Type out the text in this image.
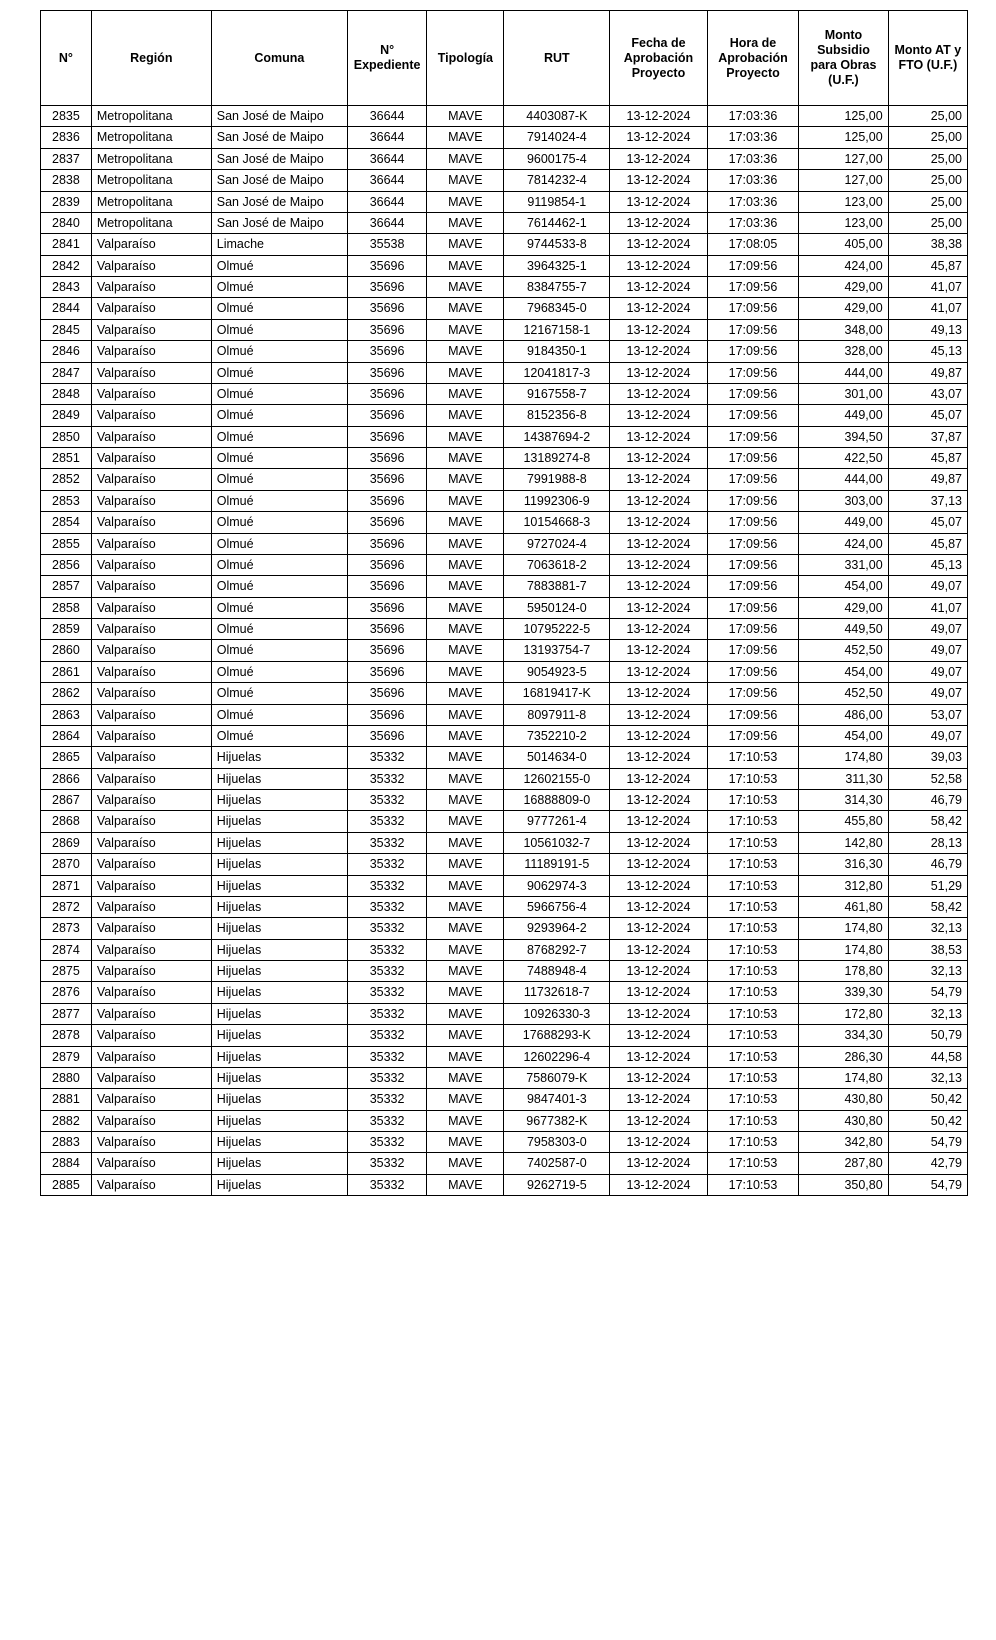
N°	Región	Comuna	N° Expediente	Tipología	RUT	Fecha de Aprobación Proyecto	Hora de Aprobación Proyecto	Monto Subsidio para Obras (U.F.)	Monto AT y FTO (U.F.)
2835	Metropolitana	San José de Maipo	36644	MAVE	4403087-K	13-12-2024	17:03:36	125,00	25,00
2836	Metropolitana	San José de Maipo	36644	MAVE	7914024-4	13-12-2024	17:03:36	125,00	25,00
2837	Metropolitana	San José de Maipo	36644	MAVE	9600175-4	13-12-2024	17:03:36	127,00	25,00
2838	Metropolitana	San José de Maipo	36644	MAVE	7814232-4	13-12-2024	17:03:36	127,00	25,00
2839	Metropolitana	San José de Maipo	36644	MAVE	9119854-1	13-12-2024	17:03:36	123,00	25,00
2840	Metropolitana	San José de Maipo	36644	MAVE	7614462-1	13-12-2024	17:03:36	123,00	25,00
2841	Valparaíso	Limache	35538	MAVE	9744533-8	13-12-2024	17:08:05	405,00	38,38
2842	Valparaíso	Olmué	35696	MAVE	3964325-1	13-12-2024	17:09:56	424,00	45,87
2843	Valparaíso	Olmué	35696	MAVE	8384755-7	13-12-2024	17:09:56	429,00	41,07
2844	Valparaíso	Olmué	35696	MAVE	7968345-0	13-12-2024	17:09:56	429,00	41,07
2845	Valparaíso	Olmué	35696	MAVE	12167158-1	13-12-2024	17:09:56	348,00	49,13
2846	Valparaíso	Olmué	35696	MAVE	9184350-1	13-12-2024	17:09:56	328,00	45,13
2847	Valparaíso	Olmué	35696	MAVE	12041817-3	13-12-2024	17:09:56	444,00	49,87
2848	Valparaíso	Olmué	35696	MAVE	9167558-7	13-12-2024	17:09:56	301,00	43,07
2849	Valparaíso	Olmué	35696	MAVE	8152356-8	13-12-2024	17:09:56	449,00	45,07
2850	Valparaíso	Olmué	35696	MAVE	14387694-2	13-12-2024	17:09:56	394,50	37,87
2851	Valparaíso	Olmué	35696	MAVE	13189274-8	13-12-2024	17:09:56	422,50	45,87
2852	Valparaíso	Olmué	35696	MAVE	7991988-8	13-12-2024	17:09:56	444,00	49,87
2853	Valparaíso	Olmué	35696	MAVE	11992306-9	13-12-2024	17:09:56	303,00	37,13
2854	Valparaíso	Olmué	35696	MAVE	10154668-3	13-12-2024	17:09:56	449,00	45,07
2855	Valparaíso	Olmué	35696	MAVE	9727024-4	13-12-2024	17:09:56	424,00	45,87
2856	Valparaíso	Olmué	35696	MAVE	7063618-2	13-12-2024	17:09:56	331,00	45,13
2857	Valparaíso	Olmué	35696	MAVE	7883881-7	13-12-2024	17:09:56	454,00	49,07
2858	Valparaíso	Olmué	35696	MAVE	5950124-0	13-12-2024	17:09:56	429,00	41,07
2859	Valparaíso	Olmué	35696	MAVE	10795222-5	13-12-2024	17:09:56	449,50	49,07
2860	Valparaíso	Olmué	35696	MAVE	13193754-7	13-12-2024	17:09:56	452,50	49,07
2861	Valparaíso	Olmué	35696	MAVE	9054923-5	13-12-2024	17:09:56	454,00	49,07
2862	Valparaíso	Olmué	35696	MAVE	16819417-K	13-12-2024	17:09:56	452,50	49,07
2863	Valparaíso	Olmué	35696	MAVE	8097911-8	13-12-2024	17:09:56	486,00	53,07
2864	Valparaíso	Olmué	35696	MAVE	7352210-2	13-12-2024	17:09:56	454,00	49,07
2865	Valparaíso	Hijuelas	35332	MAVE	5014634-0	13-12-2024	17:10:53	174,80	39,03
2866	Valparaíso	Hijuelas	35332	MAVE	12602155-0	13-12-2024	17:10:53	311,30	52,58
2867	Valparaíso	Hijuelas	35332	MAVE	16888809-0	13-12-2024	17:10:53	314,30	46,79
2868	Valparaíso	Hijuelas	35332	MAVE	9777261-4	13-12-2024	17:10:53	455,80	58,42
2869	Valparaíso	Hijuelas	35332	MAVE	10561032-7	13-12-2024	17:10:53	142,80	28,13
2870	Valparaíso	Hijuelas	35332	MAVE	11189191-5	13-12-2024	17:10:53	316,30	46,79
2871	Valparaíso	Hijuelas	35332	MAVE	9062974-3	13-12-2024	17:10:53	312,80	51,29
2872	Valparaíso	Hijuelas	35332	MAVE	5966756-4	13-12-2024	17:10:53	461,80	58,42
2873	Valparaíso	Hijuelas	35332	MAVE	9293964-2	13-12-2024	17:10:53	174,80	32,13
2874	Valparaíso	Hijuelas	35332	MAVE	8768292-7	13-12-2024	17:10:53	174,80	38,53
2875	Valparaíso	Hijuelas	35332	MAVE	7488948-4	13-12-2024	17:10:53	178,80	32,13
2876	Valparaíso	Hijuelas	35332	MAVE	11732618-7	13-12-2024	17:10:53	339,30	54,79
2877	Valparaíso	Hijuelas	35332	MAVE	10926330-3	13-12-2024	17:10:53	172,80	32,13
2878	Valparaíso	Hijuelas	35332	MAVE	17688293-K	13-12-2024	17:10:53	334,30	50,79
2879	Valparaíso	Hijuelas	35332	MAVE	12602296-4	13-12-2024	17:10:53	286,30	44,58
2880	Valparaíso	Hijuelas	35332	MAVE	7586079-K	13-12-2024	17:10:53	174,80	32,13
2881	Valparaíso	Hijuelas	35332	MAVE	9847401-3	13-12-2024	17:10:53	430,80	50,42
2882	Valparaíso	Hijuelas	35332	MAVE	9677382-K	13-12-2024	17:10:53	430,80	50,42
2883	Valparaíso	Hijuelas	35332	MAVE	7958303-0	13-12-2024	17:10:53	342,80	54,79
2884	Valparaíso	Hijuelas	35332	MAVE	7402587-0	13-12-2024	17:10:53	287,80	42,79
2885	Valparaíso	Hijuelas	35332	MAVE	9262719-5	13-12-2024	17:10:53	350,80	54,79
